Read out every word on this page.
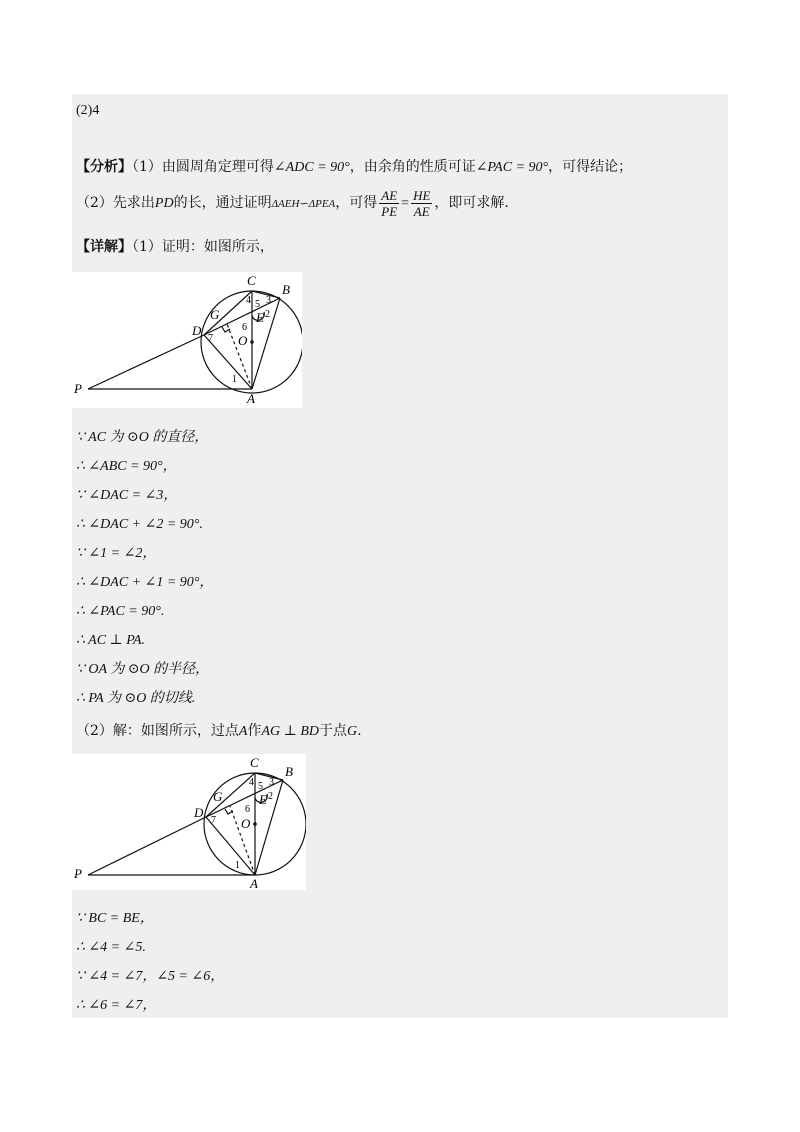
(2)4
【分析】（1）由圆周角定理可得∠ADC = 90°，由余角的性质可证∠PAC = 90°，可得结论；
（2）先求出PD的长，通过证明ΔAEH∽ΔPEA，可得 $\frac{AE}{PE} = \frac{HE}{AE}$ ，即可求解.
【详解】（1）证明：如图所示，
P
A
B
C
D
E
G
O
1
2
3
4 5
6
7
∵ AC 为 ⊙O 的直径，
∴ ∠ABC = 90°，
∵ ∠DAC = ∠3，
∴ ∠DAC + ∠2 = 90°.
∵ ∠1 = ∠2，
∴ ∠DAC + ∠1 = 90°，
∴ ∠PAC = 90°.
∴ AC ⊥ PA.
∵ OA 为 ⊙O 的半径，
∴ PA 为 ⊙O 的切线.
（2）解：如图所示，过点A作AG ⊥ BD于点G.
P
A
B
C
D
E
G
O
1
2
3
4 5
6
7
∵ BC = BE，
∴ ∠4 = ∠5.
∵ ∠4 = ∠7，∠5 = ∠6，
∴ ∠6 = ∠7，
